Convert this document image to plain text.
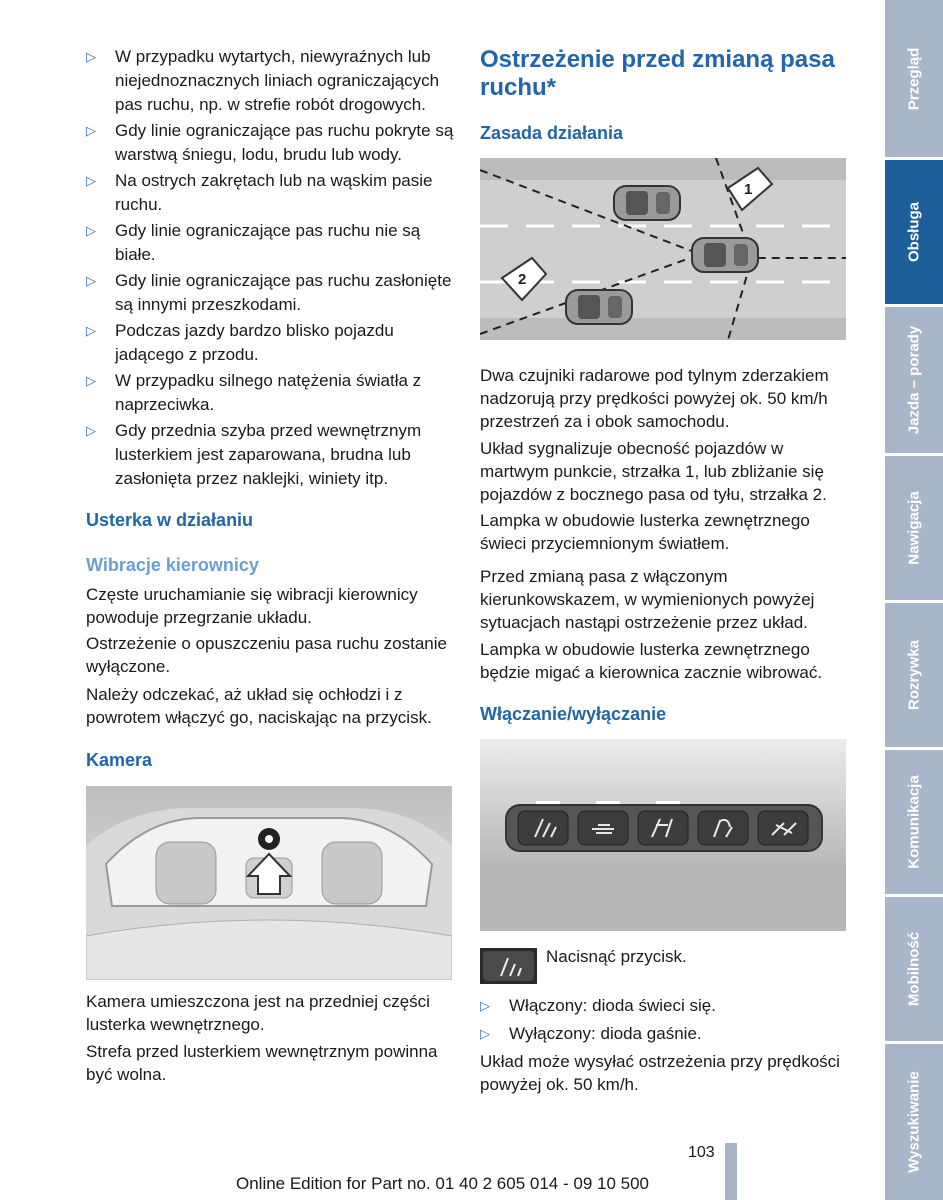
▷ W przypadku wytartych, niewyraźnych lub niejednoznacznych liniach ograniczających pas ruchu, np. w strefie robót drogowych.
▷ Gdy linie ograniczające pas ruchu pokryte są warstwą śniegu, lodu, brudu lub wody.
▷ Na ostrych zakrętach lub na wąskim pasie ruchu.
▷ Gdy linie ograniczające pas ruchu nie są białe.
▷ Gdy linie ograniczające pas ruchu zasłonięte są innymi przeszkodami.
▷ Podczas jazdy bardzo blisko pojazdu jadącego z przodu.
▷ W przypadku silnego natężenia światła z naprzeciwka.
▷ Gdy przednia szyba przed wewnętrznym lusterkiem jest zaparowana, brudna lub zasłonięta przez naklejki, winiety itp.
Usterka w działaniu
Wibracje kierownicy
Częste uruchamianie się wibracji kierownicy powoduje przegrzanie układu.
Ostrzeżenie o opuszczeniu pasa ruchu zostanie wyłączone.
Należy odczekać, aż układ się ochłodzi i z powrotem włączyć go, naciskając na przycisk.
Kamera
Kamera umieszczona jest na przedniej części lusterka wewnętrznego.
Strefa przed lusterkiem wewnętrznym powinna być wolna.
Ostrzeżenie przed zmianą pasa ruchu*
Zasada działania
1
2
Dwa czujniki radarowe pod tylnym zderzakiem nadzorują przy prędkości powyżej ok. 50 km/h przestrzeń za i obok samochodu.
Układ sygnalizuje obecność pojazdów w martwym punkcie, strzałka 1, lub zbliżanie się pojazdów z bocznego pasa od tyłu, strzałka 2.
Lampka w obudowie lusterka zewnętrznego świeci przyciemnionym światłem.
Przed zmianą pasa z włączonym kierunkowskazem, w wymienionych powyżej sytuacjach nastąpi ostrzeżenie przez układ.
Lampka w obudowie lusterka zewnętrznego będzie migać a kierownica zacznie wibrować.
Włączanie/wyłączanie
Nacisnąć przycisk.
▷ Włączony: dioda świeci się.
▷ Wyłączony: dioda gaśnie.
Układ może wysyłać ostrzeżenia przy prędkości powyżej ok. 50 km/h.
Przegląd
Obsługa
Jazda – porady
Nawigacja
Rozrywka
Komunikacja
Mobilność
Wyszukiwanie
103
Online Edition for Part no. 01 40 2 605 014 - 09 10 500
